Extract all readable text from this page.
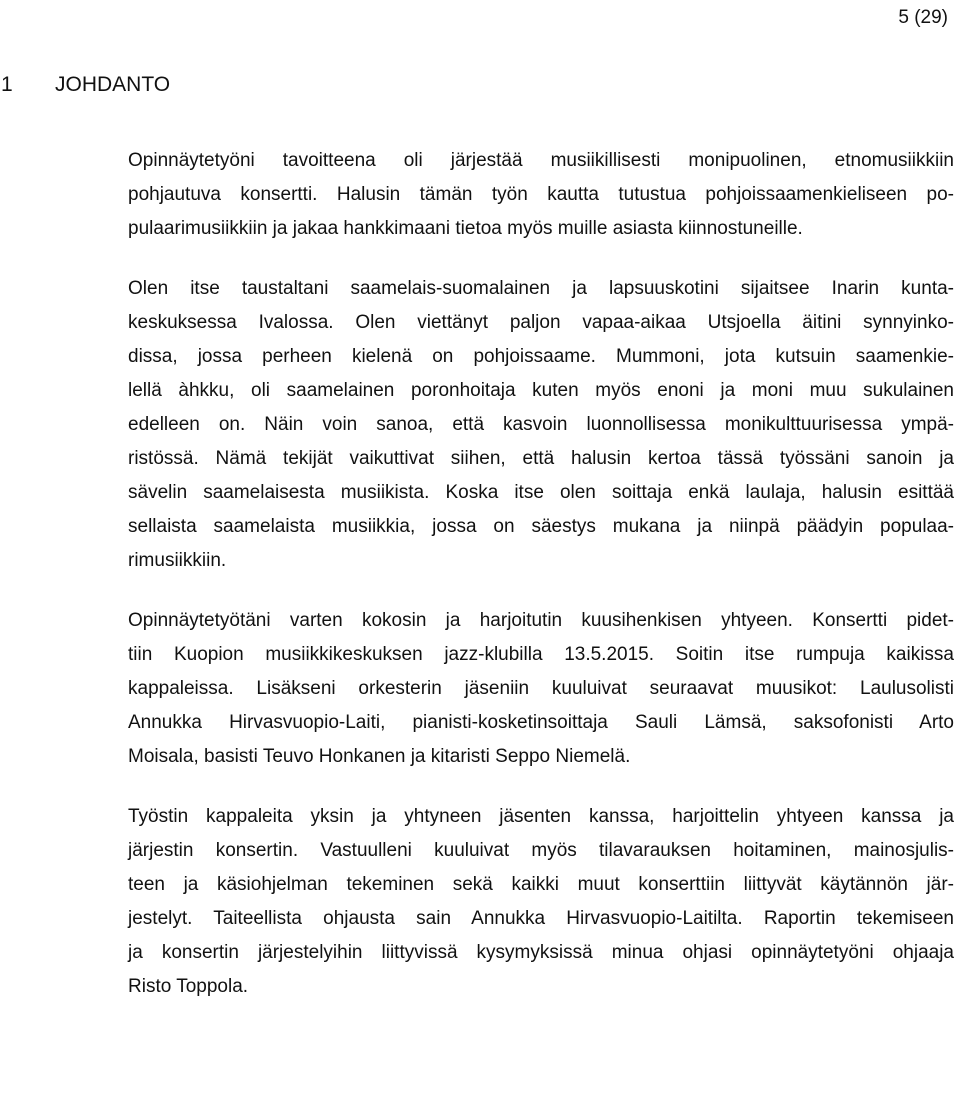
5 (29)
1 JOHDANTO
Opinnäytetyöni tavoitteena oli järjestää musiikillisesti monipuolinen, etnomusiikkiin
pohjautuva konsertti. Halusin tämän työn kautta tutustua pohjoissaamenkieliseen po-
pulaarimusiikkiin ja jakaa hankkimaani tietoa myös muille asiasta kiinnostuneille.
Olen itse taustaltani saamelais-suomalainen ja lapsuuskotini sijaitsee Inarin kunta-
keskuksessa Ivalossa. Olen viettänyt paljon vapaa-aikaa Utsjoella äitini synnyinko-
dissa, jossa perheen kielenä on pohjoissaame. Mummoni, jota kutsuin saamenkie-
lellä àhkku, oli saamelainen poronhoitaja kuten myös enoni ja moni muu sukulainen
edelleen on. Näin voin sanoa, että kasvoin luonnollisessa monikulttuurisessa ympä-
ristössä. Nämä tekijät vaikuttivat siihen, että halusin kertoa tässä työssäni sanoin ja
sävelin saamelaisesta musiikista. Koska itse olen soittaja enkä laulaja, halusin esittää
sellaista saamelaista musiikkia, jossa on säestys mukana ja niinpä päädyin populaa-
rimusiikkiin.
Opinnäytetyötäni varten kokosin ja harjoitutin kuusihenkisen yhtyeen. Konsertti pidet-
tiin Kuopion musiikkikeskuksen jazz-klubilla 13.5.2015. Soitin itse rumpuja kaikissa
kappaleissa. Lisäkseni orkesterin jäseniin kuuluivat seuraavat muusikot: Laulusolisti
Annukka Hirvasvuopio-Laiti, pianisti-kosketinsoittaja Sauli Lämsä, saksofonisti Arto
Moisala, basisti Teuvo Honkanen ja kitaristi Seppo Niemelä.
Työstin kappaleita yksin ja yhtyneen jäsenten kanssa, harjoittelin yhtyeen kanssa ja
järjestin konsertin. Vastuulleni kuuluivat myös tilavarauksen hoitaminen, mainosjulis-
teen ja käsiohjelman tekeminen sekä kaikki muut konserttiin liittyvät käytännön jär-
jestelyt. Taiteellista ohjausta sain Annukka Hirvasvuopio-Laitilta. Raportin tekemiseen
ja konsertin järjestelyihin liittyvissä kysymyksissä minua ohjasi opinnäytetyöni ohjaaja
Risto Toppola.
